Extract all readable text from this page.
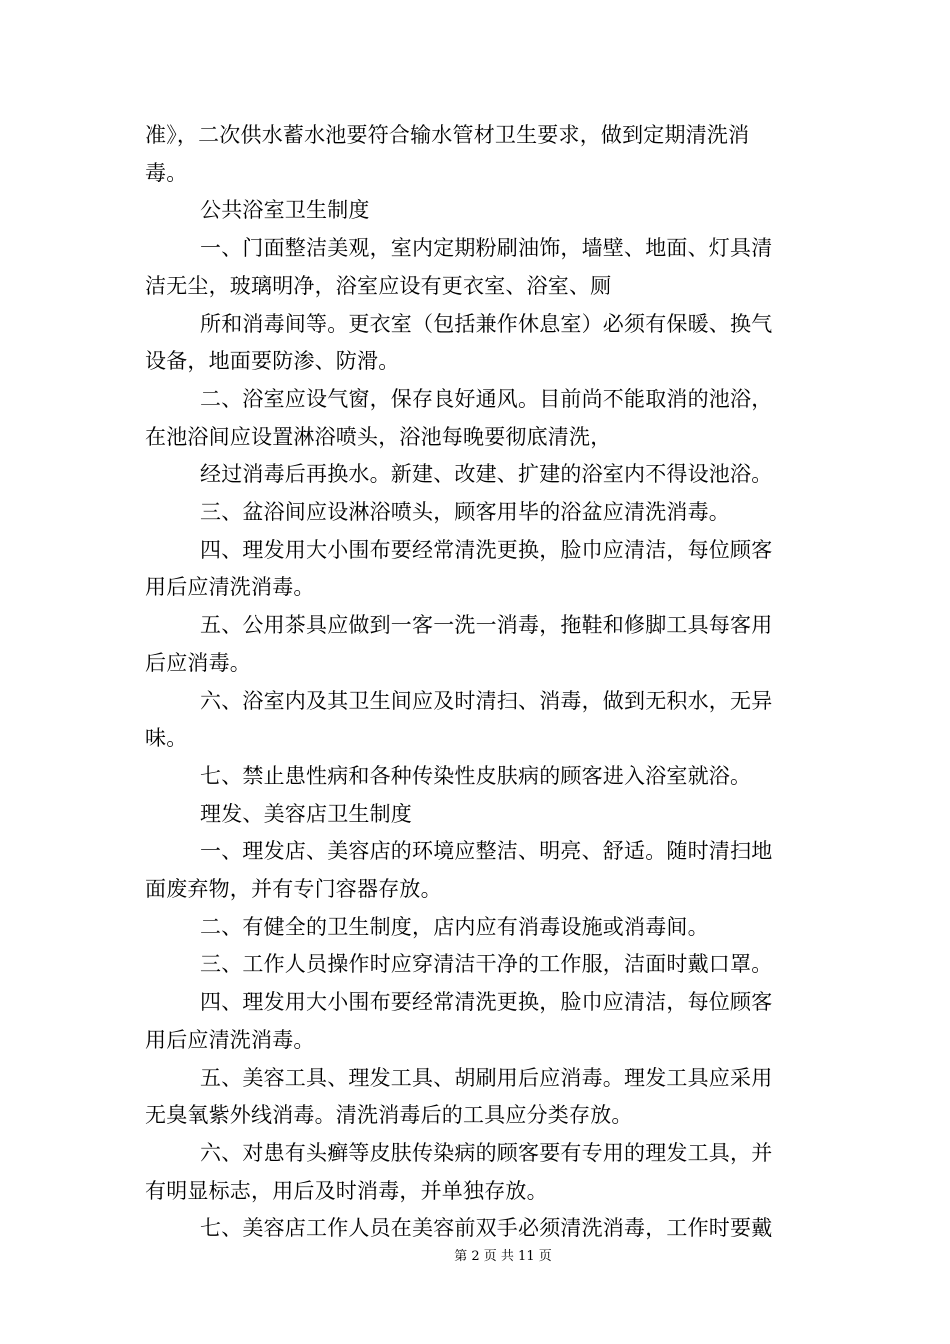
准》，二次供水蓄水池要符合输水管材卫生要求，做到定期清洗消
毒。
公共浴室卫生制度
一、门面整洁美观，室内定期粉刷油饰，墙壁、地面、灯具清
洁无尘，玻璃明净，浴室应设有更衣室、浴室、厕
所和消毒间等。更衣室（包括兼作休息室）必须有保暖、换气
设备，地面要防渗、防滑。
二、浴室应设气窗，保存良好通风。目前尚不能取消的池浴，
在池浴间应设置淋浴喷头，浴池每晚要彻底清洗，
经过消毒后再换水。新建、改建、扩建的浴室内不得设池浴。
三、盆浴间应设淋浴喷头，顾客用毕的浴盆应清洗消毒。
四、理发用大小围布要经常清洗更换，脸巾应清洁，每位顾客
用后应清洗消毒。
五、公用茶具应做到一客一洗一消毒，拖鞋和修脚工具每客用
后应消毒。
六、浴室内及其卫生间应及时清扫、消毒，做到无积水，无异
味。
七、禁止患性病和各种传染性皮肤病的顾客进入浴室就浴。
理发、美容店卫生制度
一、理发店、美容店的环境应整洁、明亮、舒适。随时清扫地
面废弃物，并有专门容器存放。
二、有健全的卫生制度，店内应有消毒设施或消毒间。
三、工作人员操作时应穿清洁干净的工作服，洁面时戴口罩。
四、理发用大小围布要经常清洗更换，脸巾应清洁，每位顾客
用后应清洗消毒。
五、美容工具、理发工具、胡刷用后应消毒。理发工具应采用
无臭氧紫外线消毒。清洗消毒后的工具应分类存放。
六、对患有头癣等皮肤传染病的顾客要有专用的理发工具，并
有明显标志，用后及时消毒，并单独存放。
七、美容店工作人员在美容前双手必须清洗消毒，工作时要戴
第 2 页 共 11 页
